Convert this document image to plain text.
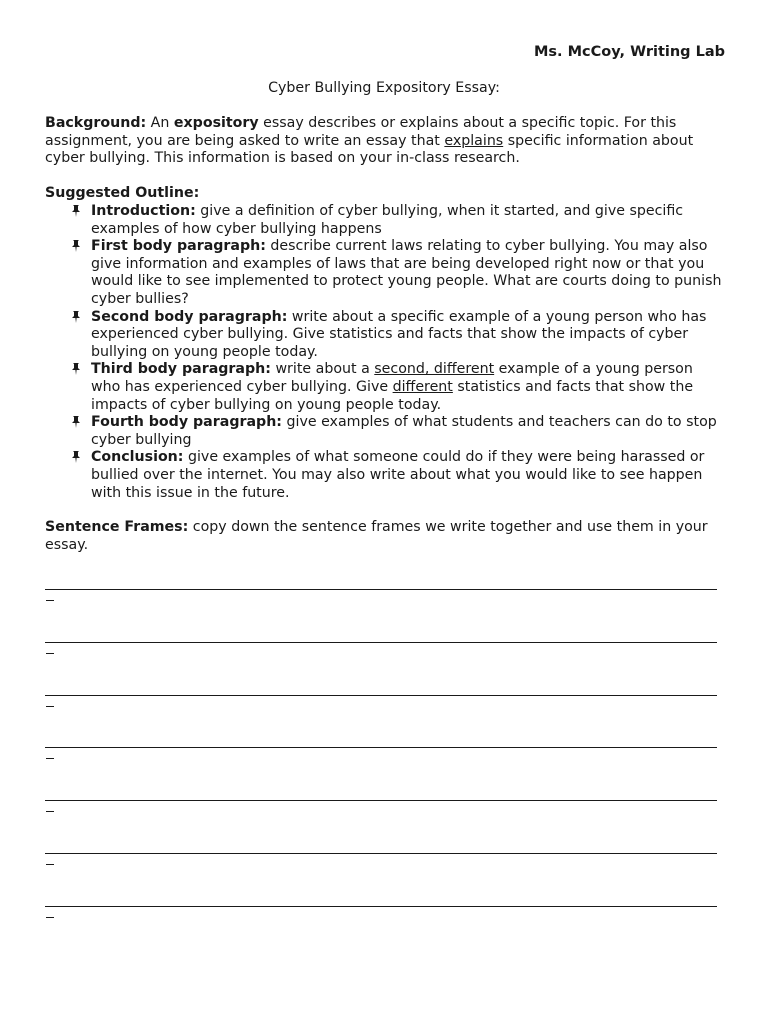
Ms. McCoy, Writing Lab
Cyber Bullying Expository Essay:

Background: An expository essay describes or explains about a specific topic. For this assignment, you are being asked to write an essay that explains specific information about cyber bullying. This information is based on your in-class research.

Suggested Outline:
Introduction: give a definition of cyber bullying, when it started, and give specific examples of how cyber bullying happens
First body paragraph: describe current laws relating to cyber bullying. You may also give information and examples of laws that are being developed right now or that you would like to see implemented to protect young people. What are courts doing to punish cyber bullies?
Second body paragraph: write about a specific example of a young person who has experienced cyber bullying. Give statistics and facts that show the impacts of cyber bullying on young people today.
Third body paragraph: write about a second, different example of a young person who has experienced cyber bullying. Give different statistics and facts that show the impacts of cyber bullying on young people today.
Fourth body paragraph: give examples of what students and teachers can do to stop cyber bullying
Conclusion: give examples of what someone could do if they were being harassed or bullied over the internet. You may also write about what you would like to see happen with this issue in the future.

Sentence Frames: copy down the sentence frames we write together and use them in your essay.
